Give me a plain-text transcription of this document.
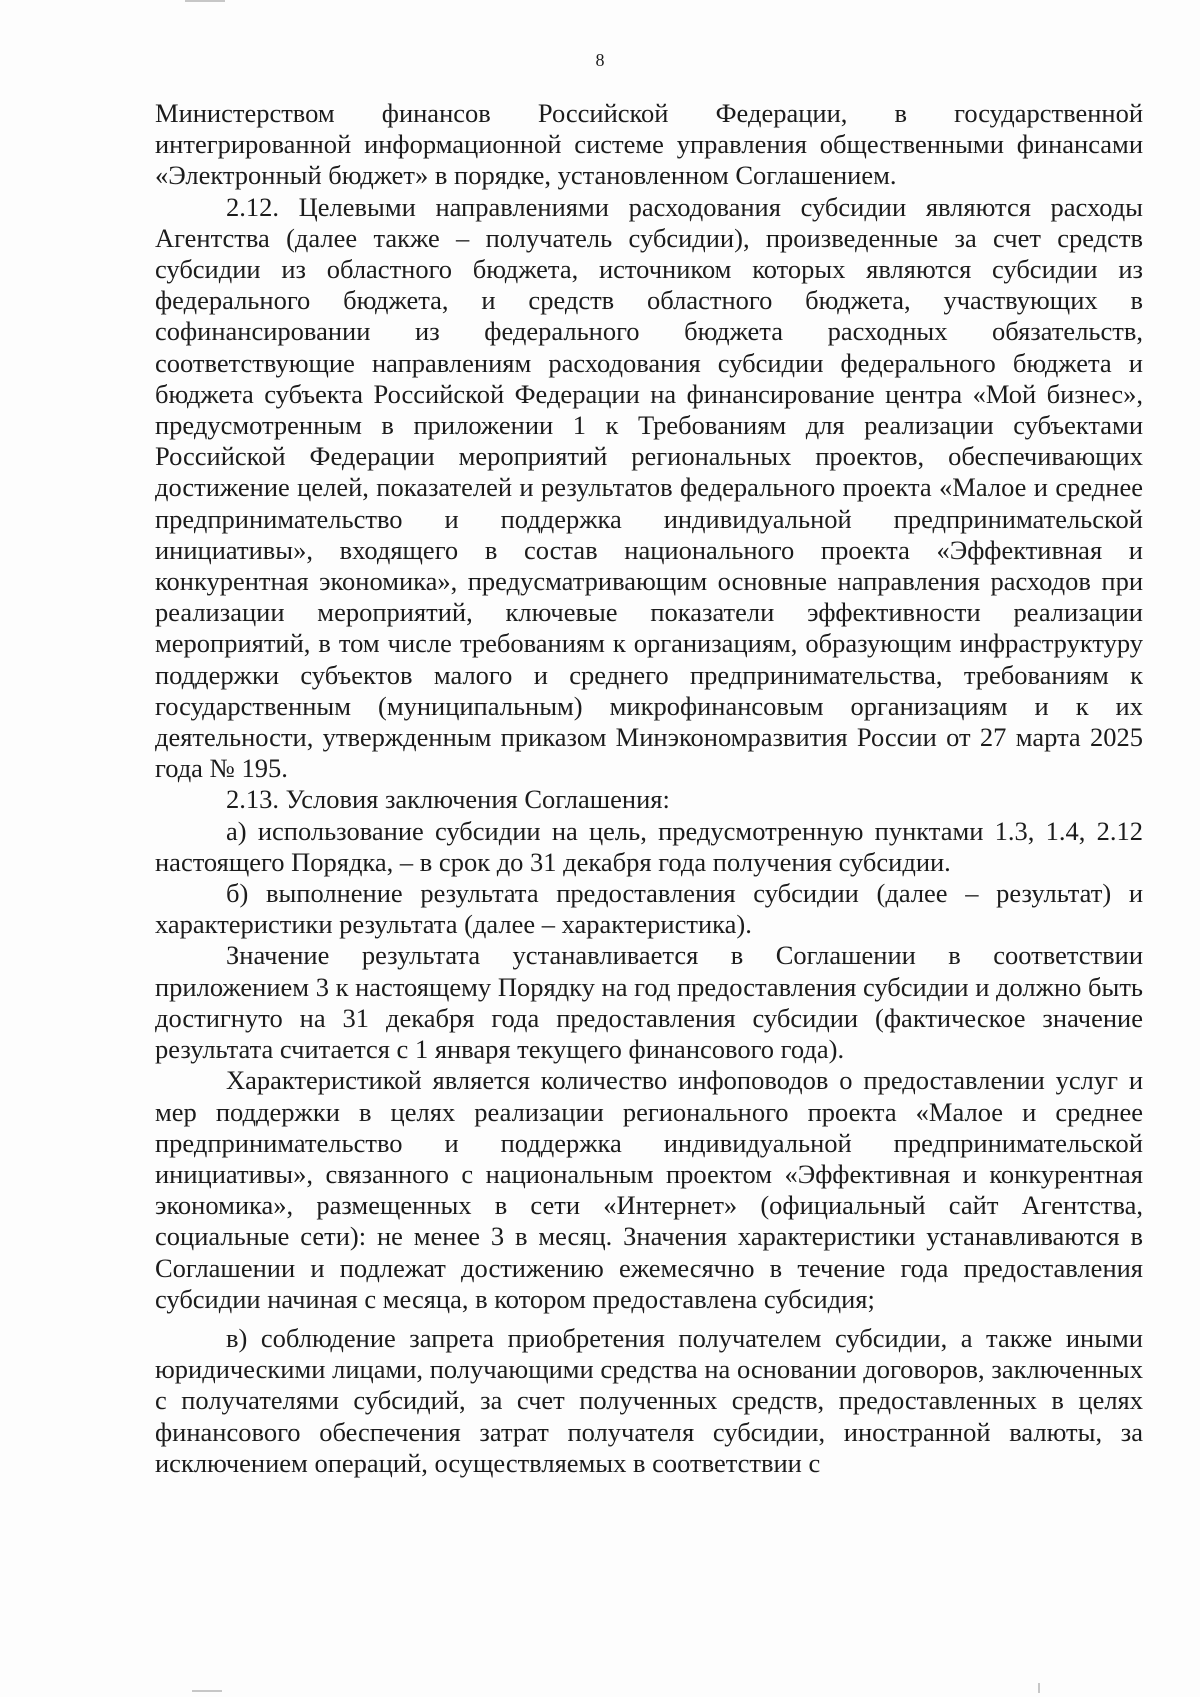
8

Министерством финансов Российской Федерации, в государственной интегрированной информационной системе управления общественными финансами «Электронный бюджет» в порядке, установленном Соглашением.

2.12. Целевыми направлениями расходования субсидии являются расходы Агентства (далее также – получатель субсидии), произведенные за счет средств субсидии из областного бюджета, источником которых являются субсидии из федерального бюджета, и средств областного бюджета, участвующих в софинансировании из федерального бюджета расходных обязательств, соответствующие направлениям расходования субсидии федерального бюджета и бюджета субъекта Российской Федерации на финансирование центра «Мой бизнес», предусмотренным в приложении 1 к Требованиям для реализации субъектами Российской Федерации мероприятий региональных проектов, обеспечивающих достижение целей, показателей и результатов федерального проекта «Малое и среднее предпринимательство и поддержка индивидуальной предпринимательской инициативы», входящего в состав национального проекта «Эффективная и конкурентная экономика», предусматривающим основные направления расходов при реализации мероприятий, ключевые показатели эффективности реализации мероприятий, в том числе требованиям к организациям, образующим инфраструктуру поддержки субъектов малого и среднего предпринимательства, требованиям к государственным (муниципальным) микрофинансовым организациям и к их деятельности, утвержденным приказом Минэкономразвития России от 27 марта 2025 года № 195.

2.13. Условия заключения Соглашения:

а) использование субсидии на цель, предусмотренную пунктами 1.3, 1.4, 2.12 настоящего Порядка, – в срок до 31 декабря года получения субсидии.

б) выполнение результата предоставления субсидии (далее – результат) и характеристики результата (далее – характеристика).

Значение результата устанавливается в Соглашении в соответствии приложением 3 к настоящему Порядку на год предоставления субсидии и должно быть достигнуто на 31 декабря года предоставления субсидии (фактическое значение результата считается с 1 января текущего финансового года).

Характеристикой является количество инфоповодов о предоставлении услуг и мер поддержки в целях реализации регионального проекта «Малое и среднее предпринимательство и поддержка индивидуальной предпринимательской инициативы», связанного с национальным проектом «Эффективная и конкурентная экономика», размещенных в сети «Интернет» (официальный сайт Агентства, социальные сети): не менее 3 в месяц. Значения характеристики устанавливаются в Соглашении и подлежат достижению ежемесячно в течение года предоставления субсидии начиная с месяца, в котором предоставлена субсидия;

в) соблюдение запрета приобретения получателем субсидии, а также иными юридическими лицами, получающими средства на основании договоров, заключенных с получателями субсидий, за счет полученных средств, предоставленных в целях финансового обеспечения затрат получателя субсидии, иностранной валюты, за исключением операций, осуществляемых в соответствии с
